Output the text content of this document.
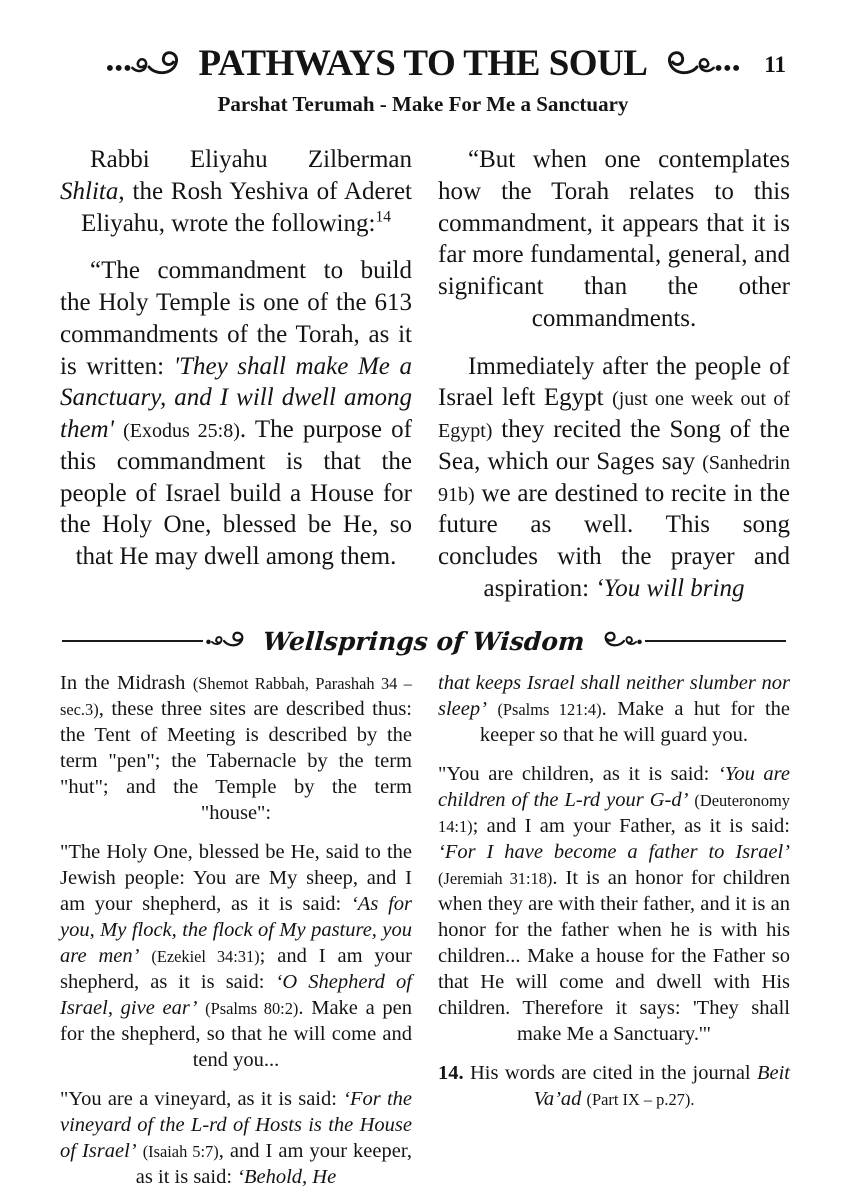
PATHWAYS TO THE SOUL	11
Parshat Terumah - Make For Me a Sanctuary

Rabbi Eliyahu Zilberman Shlita, the Rosh Yeshiva of Aderet Eliyahu, wrote the following:$^{14}$

“The commandment to build the Holy Temple is one of the 613 commandments of the Torah, as it is written: 'They shall make Me a Sanctuary, and I will dwell among them' (Exodus 25:8). The purpose of this commandment is that the people of Israel build a House for the Holy One, blessed be He, so that He may dwell among them.

“But when one contemplates how the Torah relates to this commandment, it appears that it is far more fundamental, general, and significant than the other commandments.

Immediately after the people of Israel left Egypt (just one week out of Egypt) they recited the Song of the Sea, which our Sages say (Sanhedrin 91b) we are destined to recite in the future as well. This song concludes with the prayer and aspiration: ‘You will bring

Wellsprings of Wisdom

In the Midrash (Shemot Rabbah, Parashah 34 – sec.3), these three sites are described thus: the Tent of Meeting is described by the term "pen"; the Tabernacle by the term "hut"; and the Temple by the term "house":

"The Holy One, blessed be He, said to the Jewish people: You are My sheep, and I am your shepherd, as it is said: ‘As for you, My flock, the flock of My pasture, you are men’ (Ezekiel 34:31); and I am your shepherd, as it is said: ‘O Shepherd of Israel, give ear’ (Psalms 80:2). Make a pen for the shepherd, so that he will come and tend you...

"You are a vineyard, as it is said: ‘For the vineyard of the L-rd of Hosts is the House of Israel’ (Isaiah 5:7), and I am your keeper, as it is said: ‘Behold, He

that keeps Israel shall neither slumber nor sleep’ (Psalms 121:4). Make a hut for the keeper so that he will guard you.

"You are children, as it is said: ‘You are children of the L-rd your G-d’ (Deuteronomy 14:1); and I am your Father, as it is said: ‘For I have become a father to Israel’ (Jeremiah 31:18). It is an honor for children when they are with their father, and it is an honor for the father when he is with his children... Make a house for the Father so that He will come and dwell with His children. Therefore it says: 'They shall make Me a Sanctuary.'"

14. His words are cited in the journal Beit Va’ad (Part IX – p.27).
